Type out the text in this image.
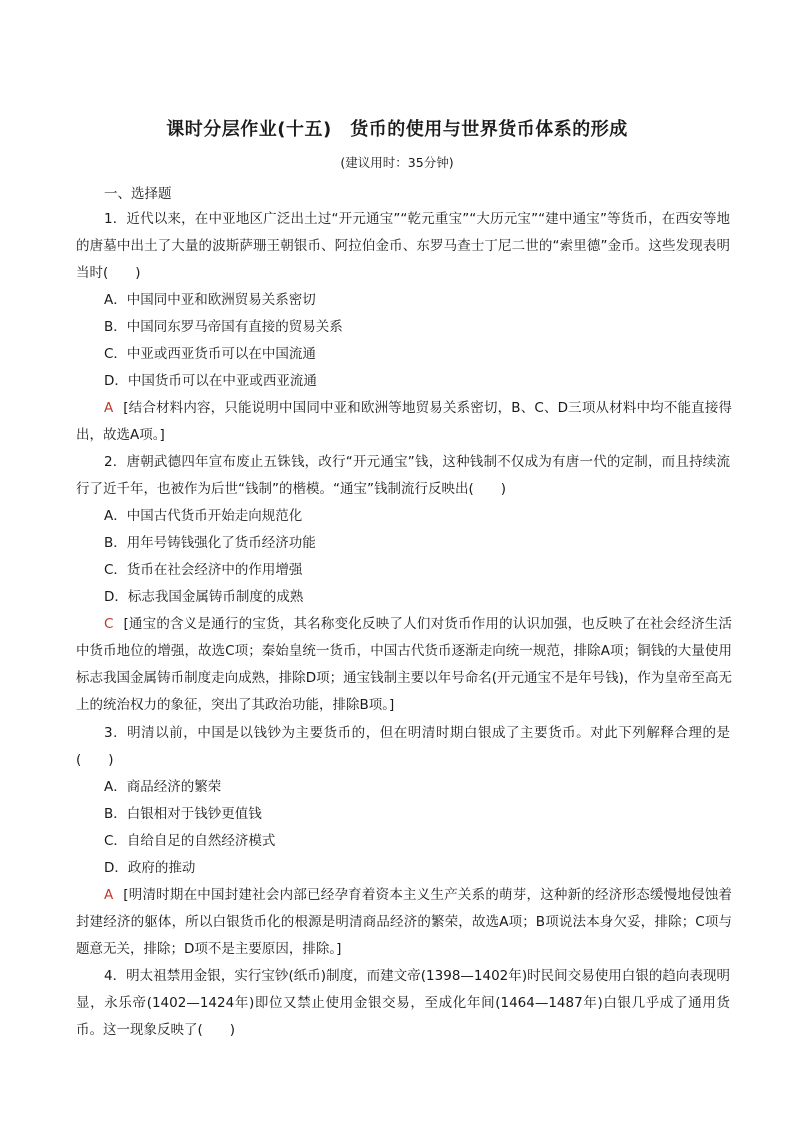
课时分层作业(十五)　货币的使用与世界货币体系的形成
(建议用时：35分钟)
一、选择题

1．近代以来，在中亚地区广泛出土过“开元通宝”“乾元重宝”“大历元宝”“建中通宝”等货币，在西安等地的唐墓中出土了大量的波斯萨珊王朝银币、阿拉伯金币、东罗马查士丁尼二世的“索里德”金币。这些发现表明当时(　　)

A．中国同中亚和欧洲贸易关系密切
B．中国同东罗马帝国有直接的贸易关系
C．中亚或西亚货币可以在中国流通
D．中国货币可以在中亚或西亚流通

A [结合材料内容，只能说明中国同中亚和欧洲等地贸易关系密切，B、C、D三项从材料中均不能直接得出，故选A项。]

2．唐朝武德四年宣布废止五铢钱，改行“开元通宝”钱，这种钱制不仅成为有唐一代的定制，而且持续流行了近千年，也被作为后世“钱制”的楷模。“通宝”钱制流行反映出(　　)

A．中国古代货币开始走向规范化
B．用年号铸钱强化了货币经济功能
C．货币在社会经济中的作用增强
D．标志我国金属铸币制度的成熟

C [通宝的含义是通行的宝货，其名称变化反映了人们对货币作用的认识加强，也反映了在社会经济生活中货币地位的增强，故选C项；秦始皇统一货币，中国古代货币逐渐走向统一规范，排除A项；铜钱的大量使用标志我国金属铸币制度走向成熟，排除D项；通宝钱制主要以年号命名(开元通宝不是年号钱)，作为皇帝至高无上的统治权力的象征，突出了其政治功能，排除B项。]

3．明清以前，中国是以钱钞为主要货币的，但在明清时期白银成了主要货币。对此下列解释合理的是(　　)

A．商品经济的繁荣
B．白银相对于钱钞更值钱
C．自给自足的自然经济模式
D．政府的推动

A [明清时期在中国封建社会内部已经孕育着资本主义生产关系的萌芽，这种新的经济形态缓慢地侵蚀着封建经济的躯体，所以白银货币化的根源是明清商品经济的繁荣，故选A项；B项说法本身欠妥，排除；C项与题意无关，排除；D项不是主要原因，排除。]

4．明太祖禁用金银，实行宝钞(纸币)制度，而建文帝(1398—1402年)时民间交易使用白银的趋向表现明显，永乐帝(1402—1424年)即位又禁止使用金银交易，至成化年间(1464—1487年)白银几乎成了通用货币。这一现象反映了(　　)
